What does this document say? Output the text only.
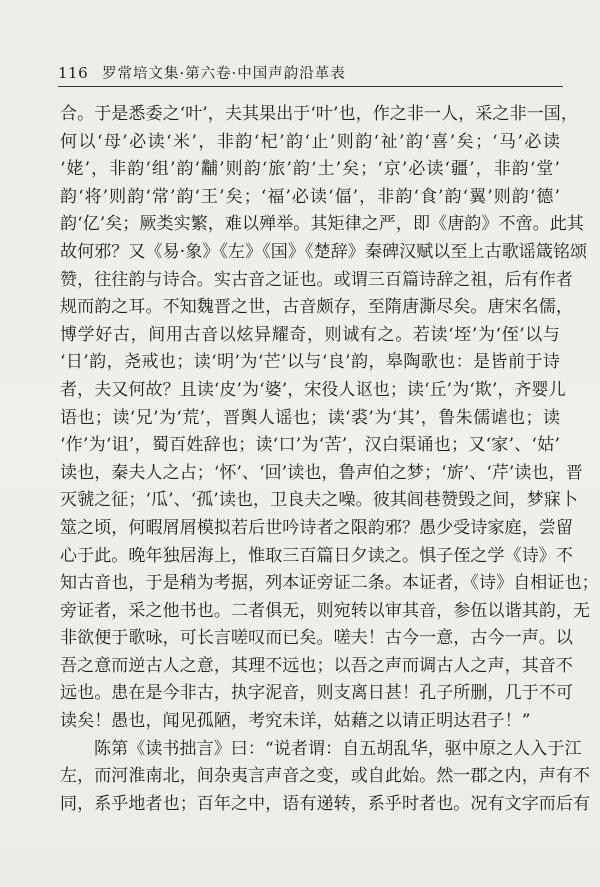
116 罗常培文集·第六卷·中国声韵沿革表
合。于是悉委之‘叶’，夫其果出于‘叶’也，作之非一人，采之非一国，
何以‘母’必读‘米’，非韵‘杞’韵‘止’则韵‘祉’韵‘喜’矣；‘马’必读
‘姥’，非韵‘组’韵‘黼’则韵‘旅’韵‘土’矣；‘京’必读‘疆’，非韵‘堂’
韵‘将’则韵‘常’韵‘王’矣；‘福’必读‘偪’，非韵‘食’韵‘翼’则韵‘德’
韵‘亿’矣；厥类实繁，难以殚举。其矩律之严，即《唐韵》不啻。此其
故何邪？又《易·象》《左》《国》《楚辞》秦碑汉赋以至上古歌谣箴铭颂
赞，往往韵与诗合。实古音之证也。或谓三百篇诗辞之祖，后有作者
规而韵之耳。不知魏晋之世，古音颇存，至隋唐澌尽矣。唐宋名儒，
博学好古，间用古音以炫异耀奇，则诚有之。若读‘垤’为‘侄’以与
‘日’韵，尧戒也；读‘明’为‘芒’以与‘良’韵，皋陶歌也：是皆前于诗
者，夫又何故？且读‘皮’为‘婆’，宋役人讴也；读‘丘’为‘欺’，齐婴儿
语也；读‘兄’为‘荒’，晋舆人谣也；读‘裘’为‘其’，鲁朱儒谑也；读
‘作’为‘诅’，蜀百姓辞也；读‘口’为‘苦’，汉白渠诵也；又‘家’、‘姑’
读也，秦夫人之占；‘怀’、‘回’读也，鲁声伯之梦；‘旂’、‘芹’读也，晋
灭虢之征；‘瓜’、‘孤’读也，卫良夫之噪。彼其闾巷赞毁之间，梦寐卜
筮之顷，何暇屑屑模拟若后世吟诗者之限韵邪？愚少受诗家庭，尝留
心于此。晚年独居海上，惟取三百篇日夕读之。惧子侄之学《诗》不
知古音也，于是稍为考据，列本证旁证二条。本证者，《诗》自相证也；
旁证者，采之他书也。二者俱无，则宛转以审其音，参伍以谐其韵，无
非欲便于歌咏，可长言嗟叹而已矣。嗟夫！古今一意，古今一声。以
吾之意而逆古人之意，其理不远也；以吾之声而调古人之声，其音不
远也。患在是今非古，执字泥音，则支离日甚！孔子所删，几于不可
读矣！愚也，闻见孤陋，考究未详，姑藉之以请正明达君子！”
陈第《读书拙言》曰：“说者谓：自五胡乱华，驱中原之人入于江
左，而河淮南北，间杂夷言声音之变，或自此始。然一郡之内，声有不
同，系乎地者也；百年之中，语有递转，系乎时者也。况有文字而后有
